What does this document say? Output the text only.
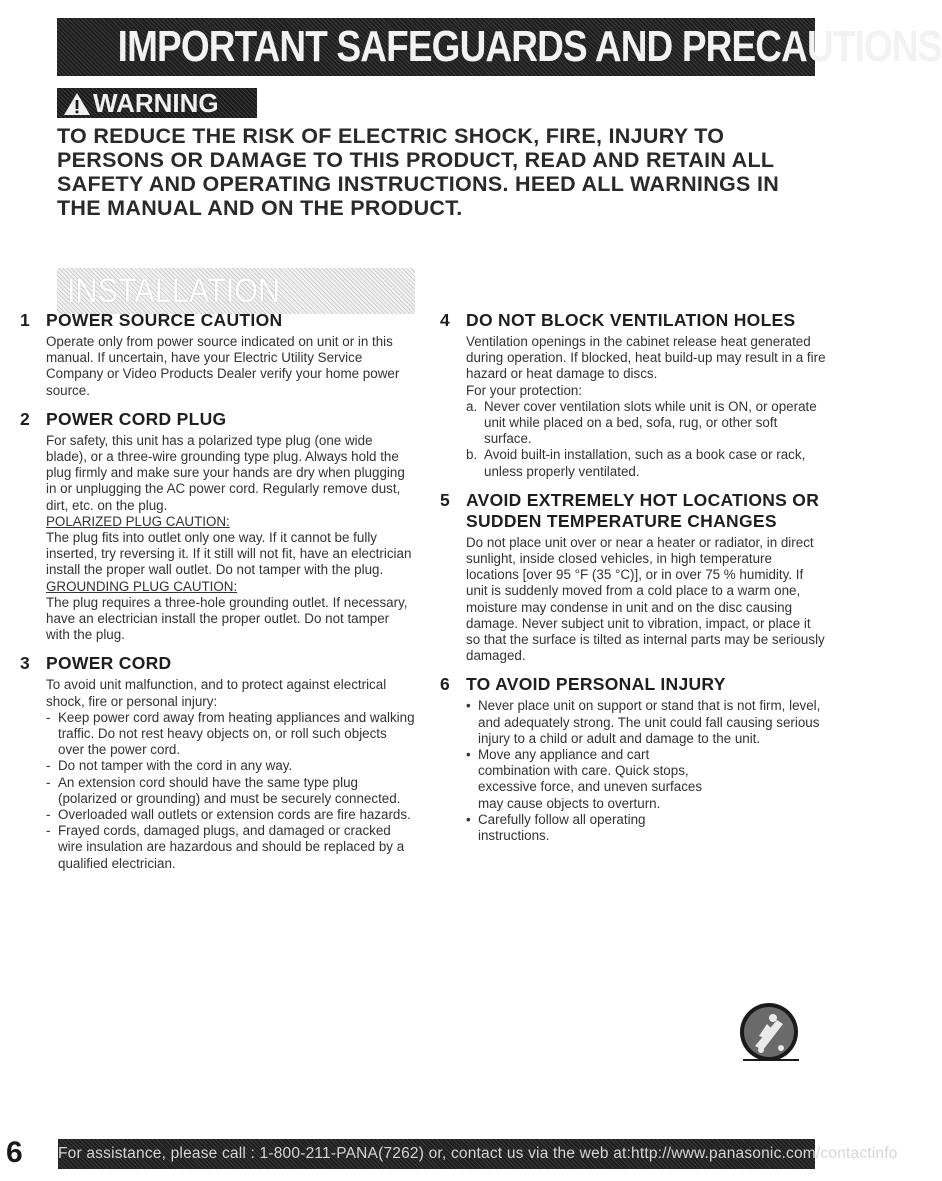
IMPORTANT SAFEGUARDS AND PRECAUTIONS
WARNING
TO REDUCE THE RISK OF ELECTRIC SHOCK, FIRE, INJURY TO PERSONS OR DAMAGE TO THIS PRODUCT, READ AND RETAIN ALL SAFETY AND OPERATING INSTRUCTIONS. HEED ALL WARNINGS IN THE MANUAL AND ON THE PRODUCT.
INSTALLATION
1 POWER SOURCE CAUTION

Operate only from power source indicated on unit or in this manual. If uncertain, have your Electric Utility Service Company or Video Products Dealer verify your home power source.

2 POWER CORD PLUG

For safety, this unit has a polarized type plug (one wide blade), or a three-wire grounding type plug. Always hold the plug firmly and make sure your hands are dry when plugging in or unplugging the AC power cord. Regularly remove dust, dirt, etc. on the plug.

POLARIZED PLUG CAUTION:

The plug fits into outlet only one way. If it cannot be fully inserted, try reversing it. If it still will not fit, have an electrician install the proper wall outlet. Do not tamper with the plug.

GROUNDING PLUG CAUTION:

The plug requires a three-hole grounding outlet. If necessary, have an electrician install the proper outlet. Do not tamper with the plug.

3 POWER CORD

To avoid unit malfunction, and to protect against electrical shock, fire or personal injury:

- Keep power cord away from heating appliances and walking traffic. Do not rest heavy objects on, or roll such objects over the power cord.
- Do not tamper with the cord in any way.
- An extension cord should have the same type plug (polarized or grounding) and must be securely connected.
- Overloaded wall outlets or extension cords are fire hazards.
- Frayed cords, damaged plugs, and damaged or cracked wire insulation are hazardous and should be replaced by a qualified electrician.
4 DO NOT BLOCK VENTILATION HOLES

Ventilation openings in the cabinet release heat generated during operation. If blocked, heat build-up may result in a fire hazard or heat damage to discs.

For your protection:

a. Never cover ventilation slots while unit is ON, or operate unit while placed on a bed, sofa, rug, or other soft surface.
b. Avoid built-in installation, such as a book case or rack, unless properly ventilated.
5 AVOID EXTREMELY HOT LOCATIONS OR SUDDEN TEMPERATURE CHANGES

Do not place unit over or near a heater or radiator, in direct sunlight, inside closed vehicles, in high temperature locations [over 95 °F (35 °C)], or in over 75 % humidity. If unit is suddenly moved from a cold place to a warm one, moisture may condense in unit and on the disc causing damage. Never subject unit to vibration, impact, or place it so that the surface is tilted as internal parts may be seriously damaged.

6 TO AVOID PERSONAL INJURY
• Never place unit on support or stand that is not firm, level, and adequately strong. The unit could fall causing serious injury to a child or adult and damage to the unit.
• Move any appliance and cart combination with care. Quick stops, excessive force, and uneven surfaces may cause objects to overturn.
• Carefully follow all operating instructions.
6 For assistance, please call : 1-800-211-PANA(7262) or, contact us via the web at:http://www.panasonic.com/contactinfo
